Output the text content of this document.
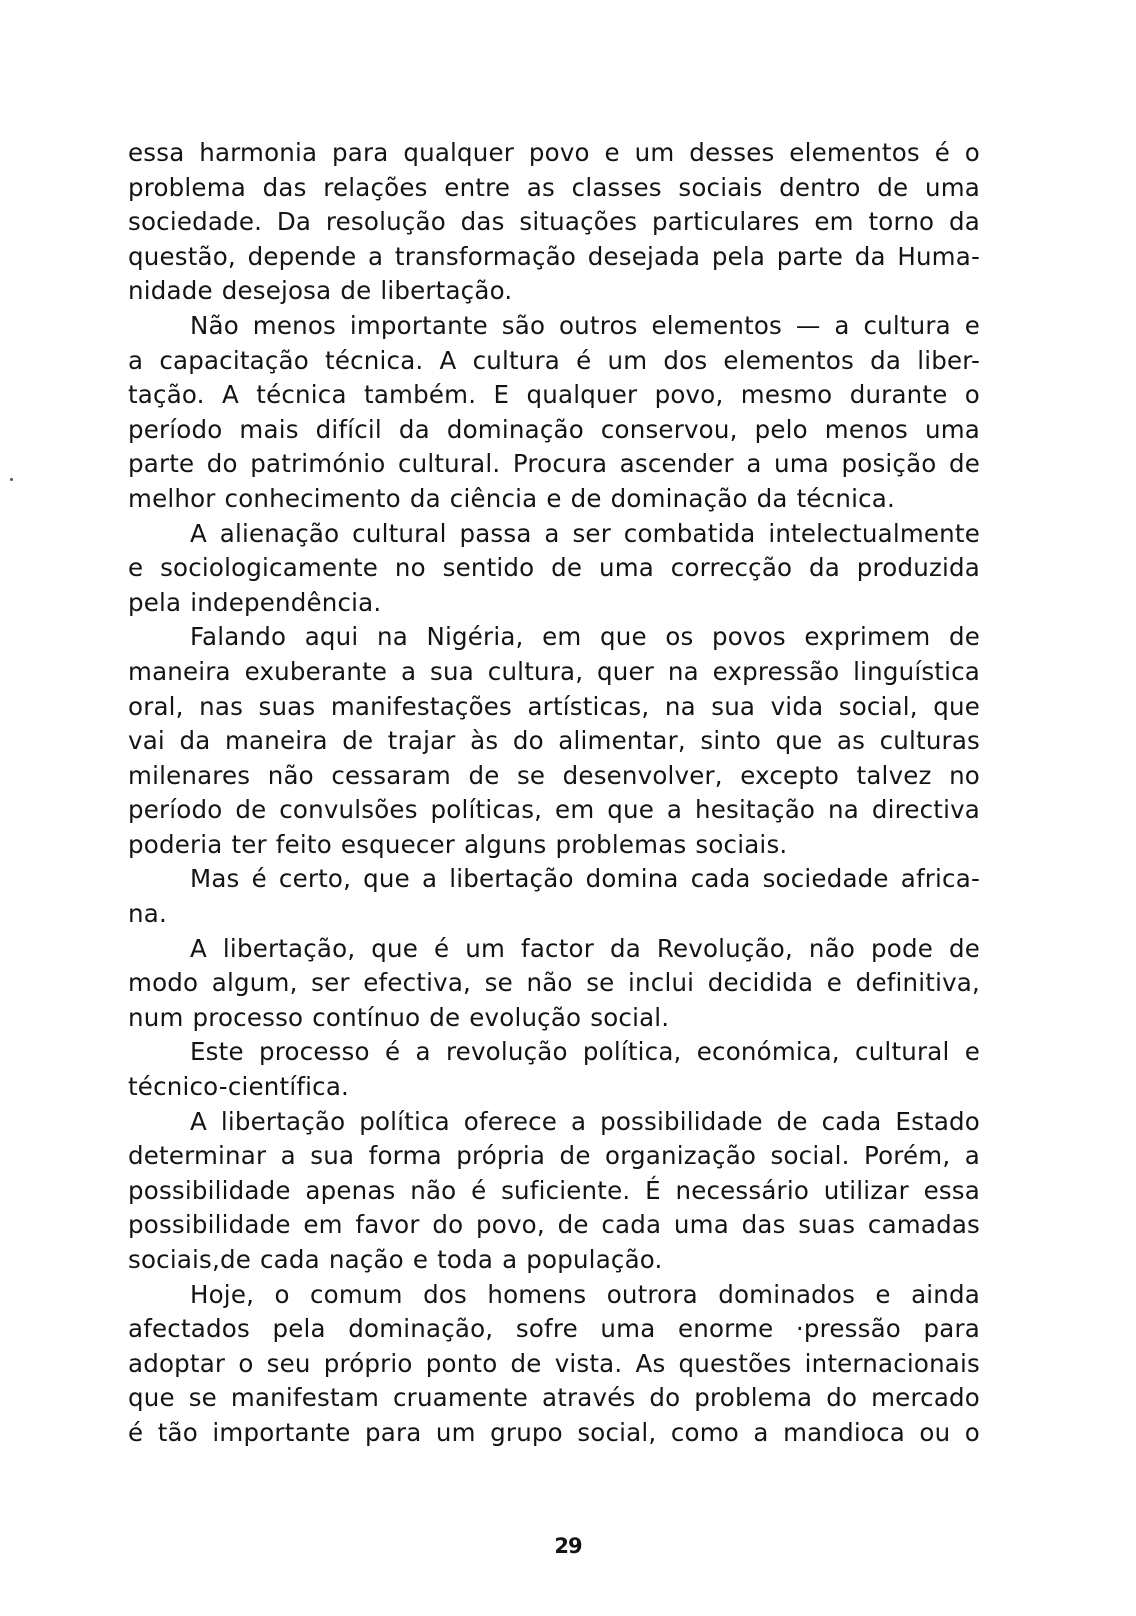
essa harmonia para qualquer povo e um desses elementos é o
problema das relações entre as classes sociais dentro de uma
sociedade. Da resolução das situações particulares em torno da
questão, depende a transformação desejada pela parte da Huma-
nidade desejosa de libertação.
Não menos importante são outros elementos — a cultura e
a capacitação técnica. A cultura é um dos elementos da liber-
tação. A técnica também. E qualquer povo, mesmo durante o
período mais difícil da dominação conservou, pelo menos uma
parte do património cultural. Procura ascender a uma posição de
melhor conhecimento da ciência e de dominação da técnica.
A alienação cultural passa a ser combatida intelectualmente
e sociologicamente no sentido de uma correcção da produzida
pela independência.
Falando aqui na Nigéria, em que os povos exprimem de
maneira exuberante a sua cultura, quer na expressão linguística
oral, nas suas manifestações artísticas, na sua vida social, que
vai da maneira de trajar às do alimentar, sinto que as culturas
milenares não cessaram de se desenvolver, excepto talvez no
período de convulsões políticas, em que a hesitação na directiva
poderia ter feito esquecer alguns problemas sociais.
Mas é certo, que a libertação domina cada sociedade africa-
na.
A libertação, que é um factor da Revolução, não pode de
modo algum, ser efectiva, se não se inclui decidida e definitiva,
num processo contínuo de evolução social.
Este processo é a revolução política, económica, cultural e
técnico-científica.
A libertação política oferece a possibilidade de cada Estado
determinar a sua forma própria de organização social. Porém, a
possibilidade apenas não é suficiente. É necessário utilizar essa
possibilidade em favor do povo, de cada uma das suas camadas
sociais,de cada nação e toda a população.
Hoje, o comum dos homens outrora dominados e ainda
afectados pela dominação, sofre uma enorme ·pressão para
adoptar o seu próprio ponto de vista. As questões internacionais
que se manifestam cruamente através do problema do mercado
é tão importante para um grupo social, como a mandioca ou o
29
